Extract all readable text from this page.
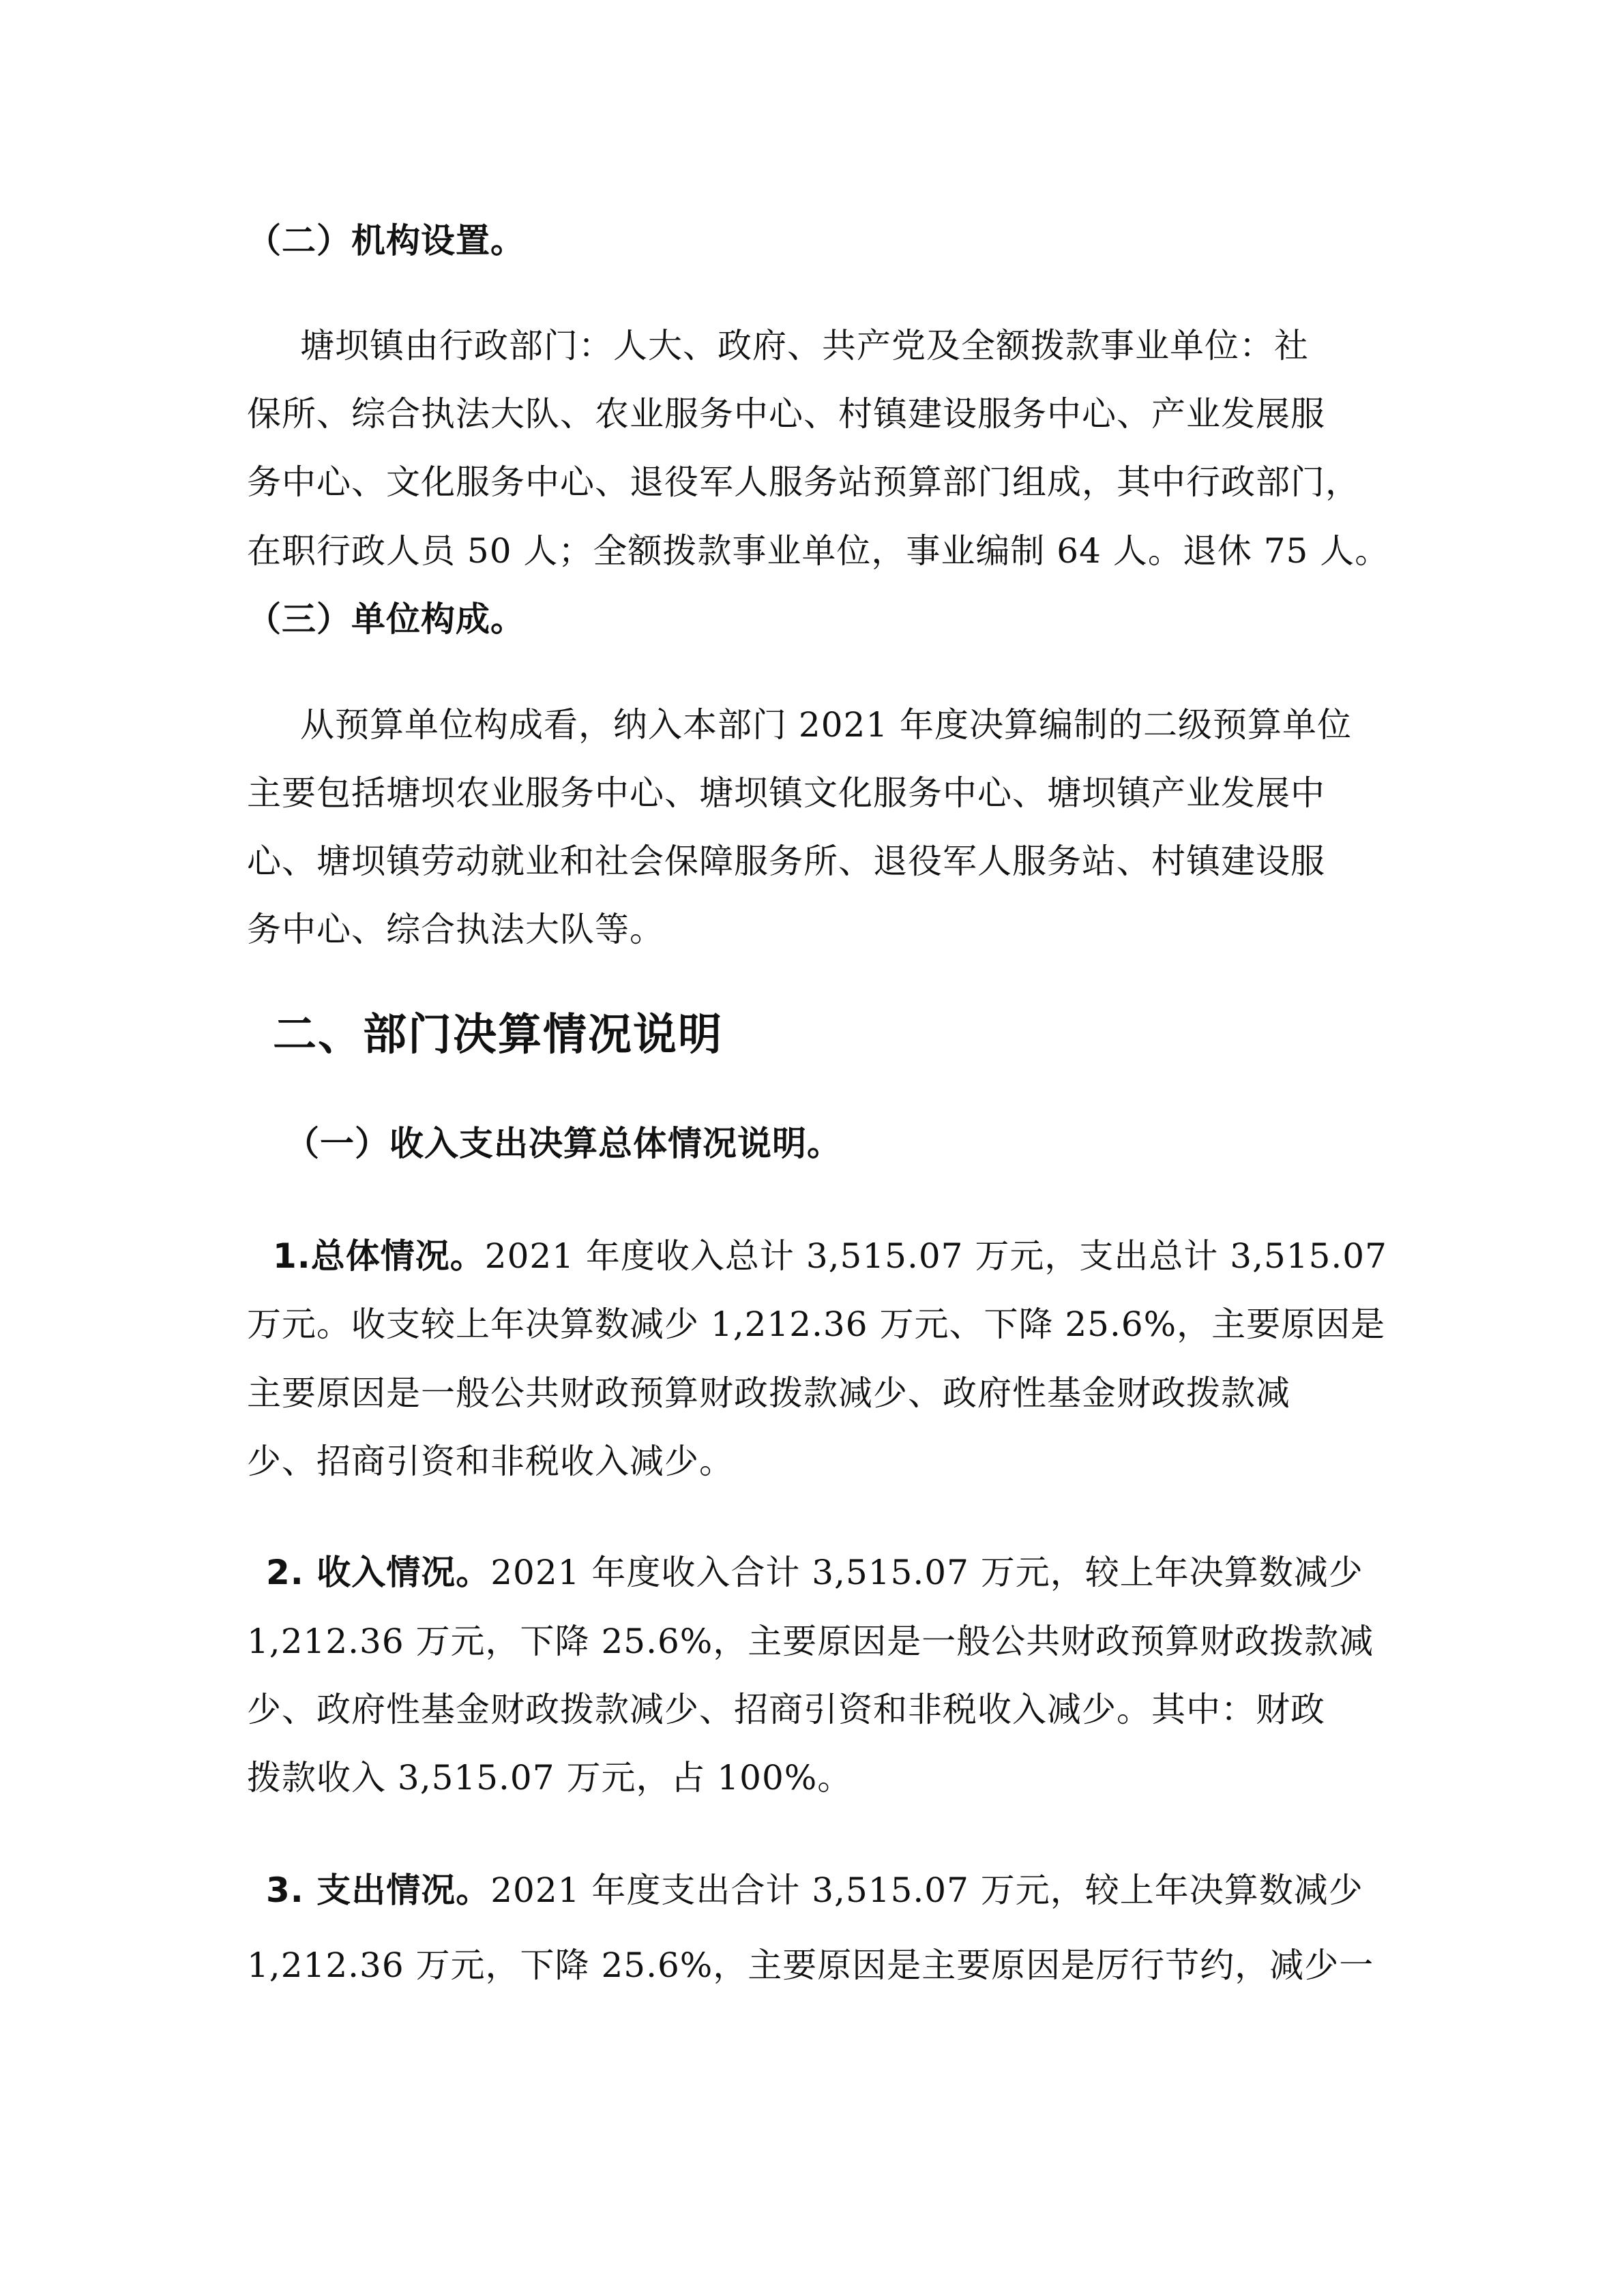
（二）机构设置。
塘坝镇由行政部门：人大、政府、共产党及全额拨款事业单位：社
保所、综合执法大队、农业服务中心、村镇建设服务中心、产业发展服
务中心、文化服务中心、退役军人服务站预算部门组成，其中行政部门，
在职行政人员 50 人；全额拨款事业单位，事业编制 64 人。退休 75 人。
（三）单位构成。
从预算单位构成看，纳入本部门 2021 年度决算编制的二级预算单位
主要包括塘坝农业服务中心、塘坝镇文化服务中心、塘坝镇产业发展中
心、塘坝镇劳动就业和社会保障服务所、退役军人服务站、村镇建设服
务中心、综合执法大队等。
二、部门决算情况说明
（一）收入支出决算总体情况说明。
1.总体情况。2021 年度收入总计 3,515.07 万元，支出总计 3,515.07
万元。收支较上年决算数减少 1,212.36 万元、下降 25.6%，主要原因是
主要原因是一般公共财政预算财政拨款减少、政府性基金财政拨款减
少、招商引资和非税收入减少。
2. 收入情况。2021 年度收入合计 3,515.07 万元，较上年决算数减少
1,212.36 万元，下降 25.6%，主要原因是一般公共财政预算财政拨款减
少、政府性基金财政拨款减少、招商引资和非税收入减少。其中：财政
拨款收入 3,515.07 万元，占 100%。
3. 支出情况。2021 年度支出合计 3,515.07 万元，较上年决算数减少
1,212.36 万元，下降 25.6%，主要原因是主要原因是厉行节约，减少一
